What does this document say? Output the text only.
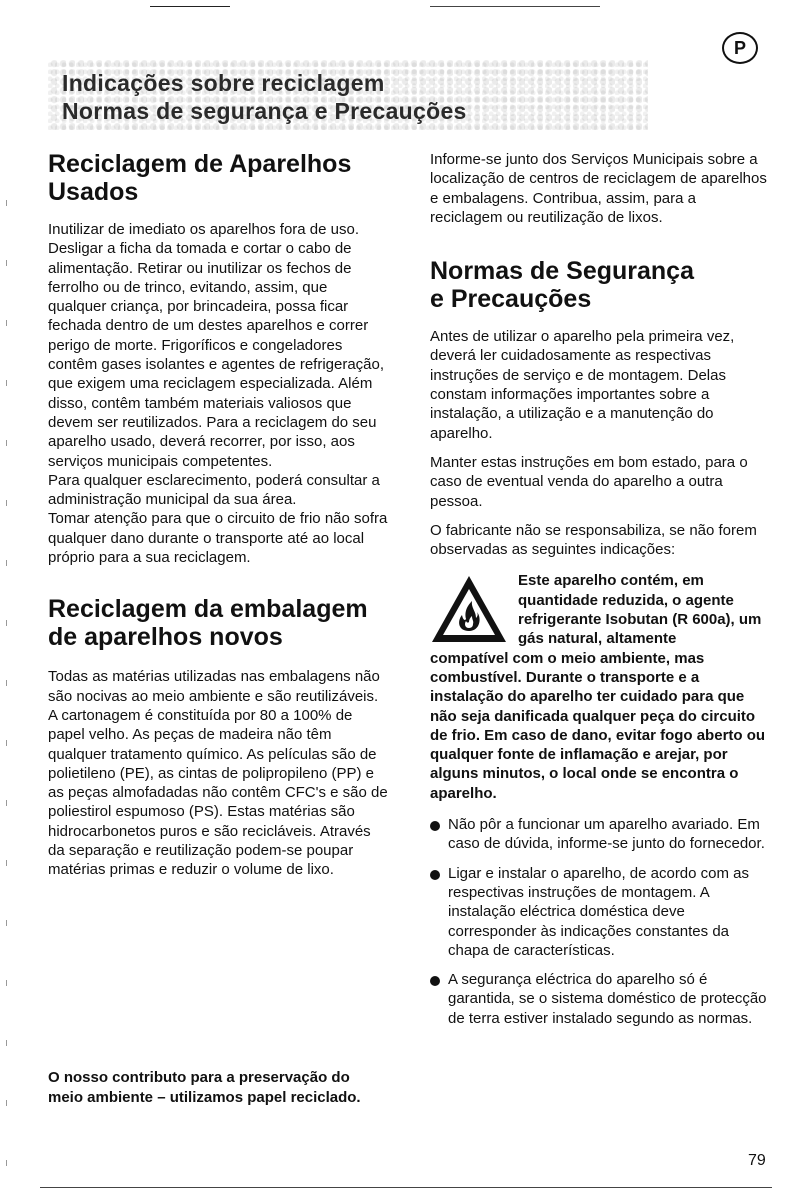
P
Indicações sobre reciclagem
Normas de segurança e Precauções
Reciclagem de Aparelhos
Usados

Inutilizar de imediato os aparelhos fora de uso.

Desligar a ficha da tomada e cortar o cabo de alimentação. Retirar ou inutilizar os fechos de ferrolho ou de trinco, evitando, assim, que qualquer criança, por brincadeira, possa ficar fechada dentro de um destes aparelhos e correr perigo de morte. Frigoríficos e congeladores contêm gases isolantes e agentes de refrigeração, que exigem uma reciclagem especializada. Além disso, contêm também materiais valiosos que devem ser reutilizados. Para a reciclagem do seu aparelho usado, deverá recorrer, por isso, aos serviços municipais competentes.

Para qualquer esclarecimento, poderá consultar a administração municipal da sua área.

Tomar atenção para que o circuito de frio não sofra qualquer dano durante o transporte até ao local próprio para a sua reciclagem.

Reciclagem da embalagem
de aparelhos novos

Todas as matérias utilizadas nas embalagens não são nocivas ao meio ambiente e são reutilizáveis. A cartonagem é constituída por 80 a 100% de papel velho. As peças de madeira não têm qualquer tratamento químico. As películas são de polietileno (PE), as cintas de polipropileno (PP) e as peças almofadadas não contêm CFC's e são de poliestirol espumoso (PS). Estas matérias são hidrocarbonetos puros e são recicláveis. Através da separação e reutilização podem-se poupar matérias primas e reduzir o volume de lixo.

O nosso contributo para a preservação do meio ambiente – utilizamos papel reciclado.

Informe-se junto dos Serviços Municipais sobre a localização de centros de reciclagem de aparelhos e embalagens. Contribua, assim, para a reciclagem ou reutilização de lixos.

Normas de Segurança
e Precauções

Antes de utilizar o aparelho pela primeira vez, deverá ler cuidadosamente as respectivas instruções de serviço e de montagem. Delas constam informações importantes sobre a instalação, a utilização e a manutenção do aparelho.

Manter estas instruções em bom estado, para o caso de eventual venda do aparelho a outra pessoa.

O fabricante não se responsabiliza, se não forem observadas as seguintes indicações:

Este aparelho contém, em quantidade reduzida, o agente refrigerante Isobutan (R 600a), um gás natural, altamente

compatível com o meio ambiente, mas combustível. Durante o transporte e a instalação do aparelho ter cuidado para que não seja danificada qualquer peça do circuito de frio. Em caso de dano, evitar fogo aberto ou qualquer fonte de inflamação e arejar, por alguns minutos, o local onde se encontra o aparelho.

Não pôr a funcionar um aparelho avariado. Em caso de dúvida, informe-se junto do fornecedor.
Ligar e instalar o aparelho, de acordo com as respectivas instruções de montagem. A instalação eléctrica doméstica deve corresponder às indicações constantes da chapa de características.
A segurança eléctrica do aparelho só é garantida, se o sistema doméstico de protecção de terra estiver instalado segundo as normas.
79
